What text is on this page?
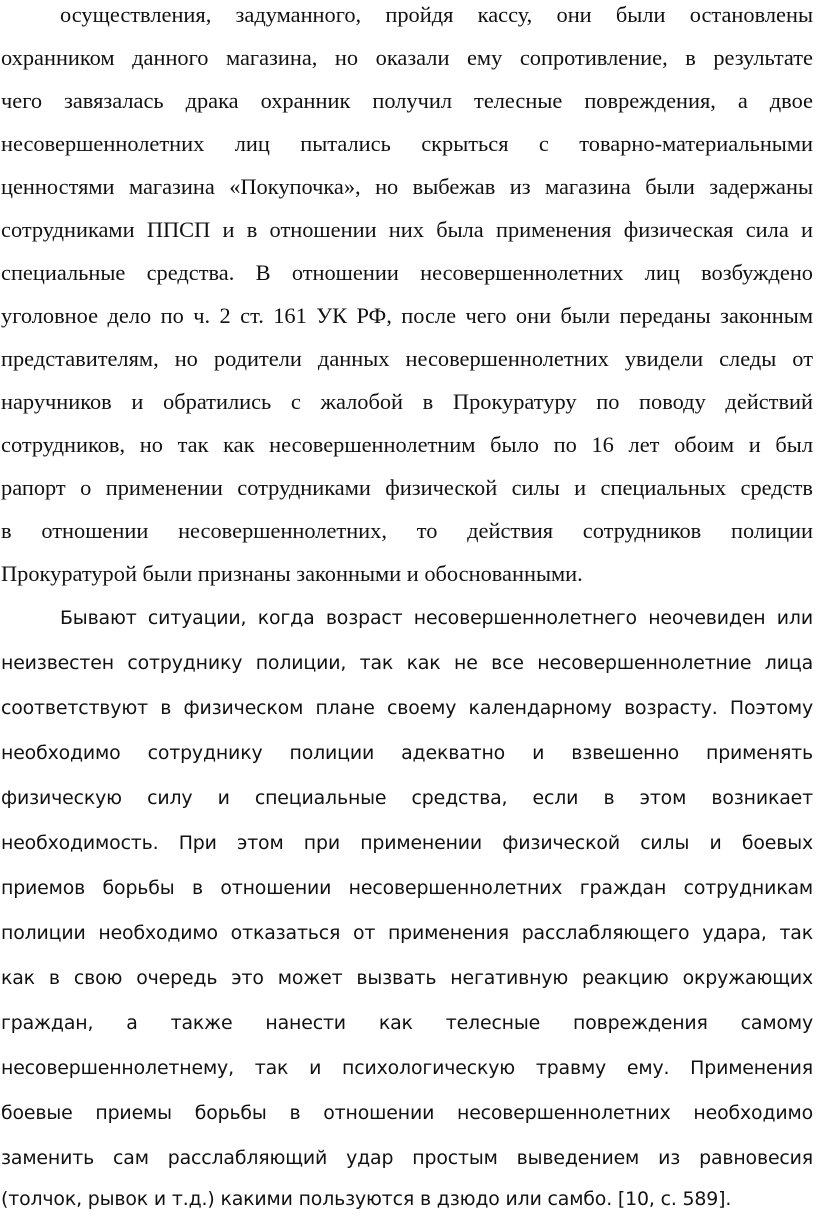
осуществления, задуманного, пройдя кассу, они были остановлены
охранником данного магазина, но оказали ему сопротивление, в результате
чего завязалась драка охранник получил телесные повреждения, а двое
несовершеннолетних лиц пытались скрыться с товарно-материальными
ценностями магазина «Покупочка», но выбежав из магазина были задержаны
сотрудниками ППСП и в отношении них была применения физическая сила и
специальные средства. В отношении несовершеннолетних лиц возбуждено
уголовное дело по ч. 2 ст. 161 УК РФ, после чего они были переданы законным
представителям, но родители данных несовершеннолетних увидели следы от
наручников и обратились с жалобой в Прокуратуру по поводу действий
сотрудников, но так как несовершеннолетним было по 16 лет обоим и был
рапорт о применении сотрудниками физической силы и специальных средств
в отношении несовершеннолетних, то действия сотрудников полиции
Прокуратурой были признаны законными и обоснованными.
Бывают ситуации, когда возраст несовершеннолетнего неочевиден или
неизвестен сотруднику полиции, так как не все несовершеннолетние лица
соответствуют в физическом плане своему календарному возрасту. Поэтому
необходимо сотруднику полиции адекватно и взвешенно применять
физическую силу и специальные средства, если в этом возникает
необходимость. При этом при применении физической силы и боевых
приемов борьбы в отношении несовершеннолетних граждан сотрудникам
полиции необходимо отказаться от применения расслабляющего удара, так
как в свою очередь это может вызвать негативную реакцию окружающих
граждан, а также нанести как телесные повреждения самому
несовершеннолетнему, так и психологическую травму ему. Применения
боевые приемы борьбы в отношении несовершеннолетних необходимо
заменить сам расслабляющий удар простым выведением из равновесия
(толчок, рывок и т.д.) какими пользуются в дзюдо или самбо. [10, с. 589].
